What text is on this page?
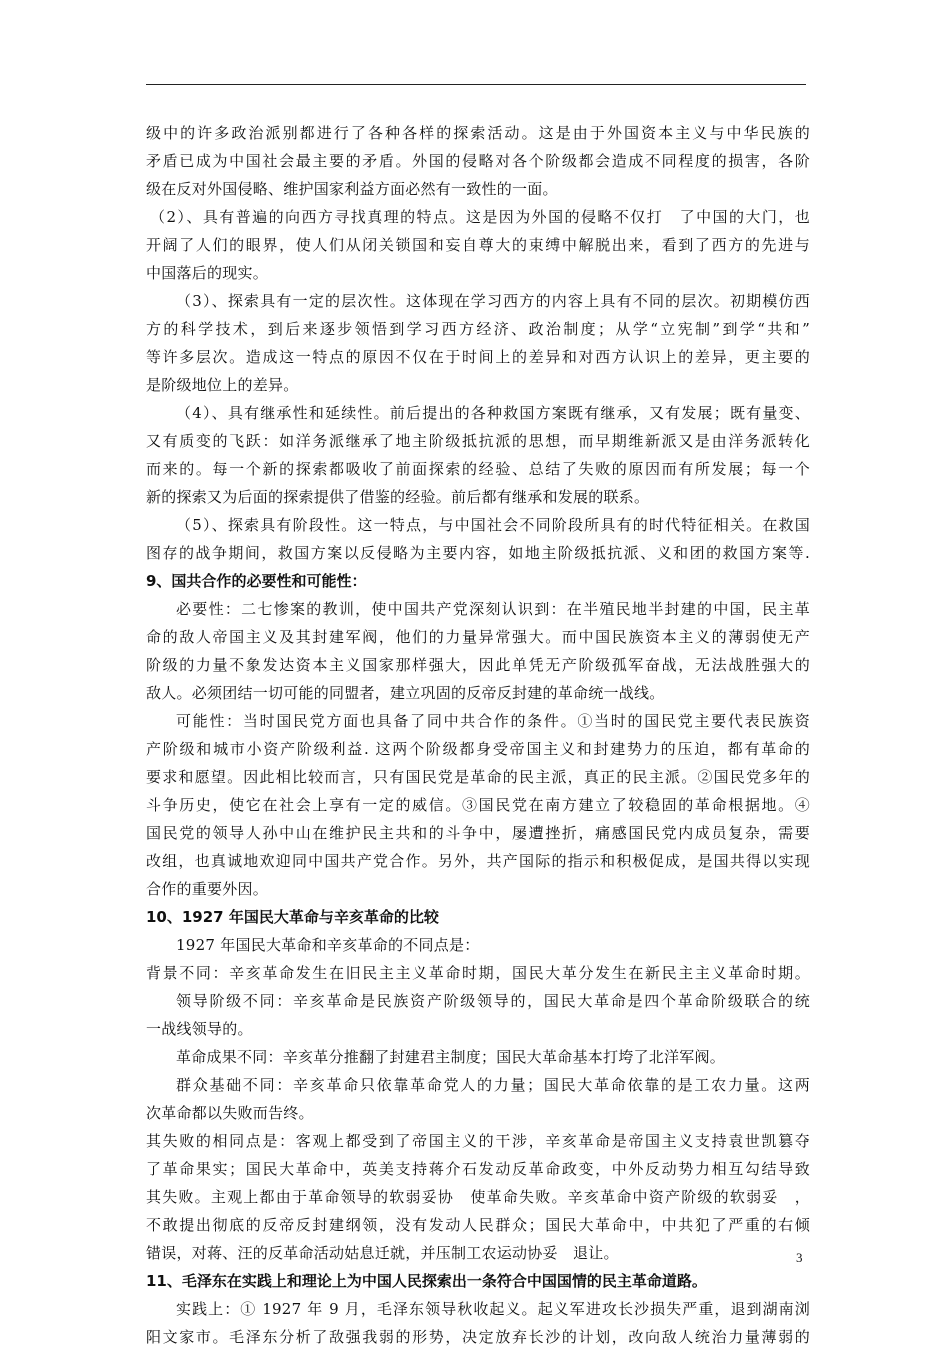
级中的许多政治派别都进行了各种各样的探索活动。这是由于外国资本主义与中华民族的
矛盾已成为中国社会最主要的矛盾。外国的侵略对各个阶级都会造成不同程度的损害，各阶
级在反对外国侵略、维护国家利益方面必然有一致性的一面。
（2）、具有普遍的向西方寻找真理的特点。这是因为外国的侵略不仅打　了中国的大门，也
开阔了人们的眼界，使人们从闭关锁国和妄自尊大的束缚中解脱出来，看到了西方的先进与
中国落后的现实。
（3）、探索具有一定的层次性。这体现在学习西方的内容上具有不同的层次。初期模仿西
方的科学技术，到后来逐步领悟到学习西方经济、政治制度；从学“立宪制”到学“共和”
等许多层次。造成这一特点的原因不仅在于时间上的差异和对西方认识上的差异，更主要的
是阶级地位上的差异。
（4）、具有继承性和延续性。前后提出的各种救国方案既有继承，又有发展；既有量变、
又有质变的飞跃：如洋务派继承了地主阶级抵抗派的思想，而早期维新派又是由洋务派转化
而来的。每一个新的探索都吸收了前面探索的经验、总结了失败的原因而有所发展；每一个
新的探索又为后面的探索提供了借鉴的经验。前后都有继承和发展的联系。
（5）、探索具有阶段性。这一特点，与中国社会不同阶段所具有的时代特征相关。在救国
图存的战争期间，救国方案以反侵略为主要内容，如地主阶级抵抗派、义和团的救国方案等.
9、国共合作的必要性和可能性：
必要性：二七惨案的教训，使中国共产党深刻认识到：在半殖民地半封建的中国，民主革
命的敌人帝国主义及其封建军阀，他们的力量异常强大。而中国民族资本主义的薄弱使无产
阶级的力量不象发达资本主义国家那样强大，因此单凭无产阶级孤军奋战，无法战胜强大的
敌人。必须团结一切可能的同盟者，建立巩固的反帝反封建的革命统一战线。
可能性：当时国民党方面也具备了同中共合作的条件。①当时的国民党主要代表民族资
产阶级和城市小资产阶级利益. 这两个阶级都身受帝国主义和封建势力的压迫，都有革命的
要求和愿望。因此相比较而言，只有国民党是革命的民主派，真正的民主派。②国民党多年的
斗争历史，使它在社会上享有一定的威信。③国民党在南方建立了较稳固的革命根据地。④
国民党的领导人孙中山在维护民主共和的斗争中，屡遭挫折，痛感国民党内成员复杂，需要
改组，也真诚地欢迎同中国共产党合作。另外，共产国际的指示和积极促成，是国共得以实现
合作的重要外因。
10、1927 年国民大革命与辛亥革命的比较
1927 年国民大革命和辛亥革命的不同点是：
背景不同：辛亥革命发生在旧民主主义革命时期，国民大革分发生在新民主主义革命时期。
领导阶级不同：辛亥革命是民族资产阶级领导的，国民大革命是四个革命阶级联合的统
一战线领导的。
革命成果不同：辛亥革分推翻了封建君主制度；国民大革命基本打垮了北洋军阀。
群众基础不同：辛亥革命只依靠革命党人的力量；国民大革命依靠的是工农力量。这两
次革命都以失败而告终。
其失败的相同点是：客观上都受到了帝国主义的干涉，辛亥革命是帝国主义支持袁世凯篡夺
了革命果实；国民大革命中，英美支持蒋介石发动反革命政变，中外反动势力相互勾结导致
其失败。主观上都由于革命领导的软弱妥协　使革命失败。辛亥革命中资产阶级的软弱妥　，
不敢提出彻底的反帝反封建纲领，没有发动人民群众；国民大革命中，中共犯了严重的右倾
错误，对蒋、汪的反革命活动姑息迁就，并压制工农运动协妥　退让。
11、毛泽东在实践上和理论上为中国人民探索出一条符合中国国情的民主革命道路。
实践上：① 1927 年 9 月，毛泽东领导秋收起义。起义军进攻长沙损失严重，退到湖南浏
阳文家市。毛泽东分析了敌强我弱的形势，决定放弃长沙的计划，改向敌人统治力量薄弱的
3
